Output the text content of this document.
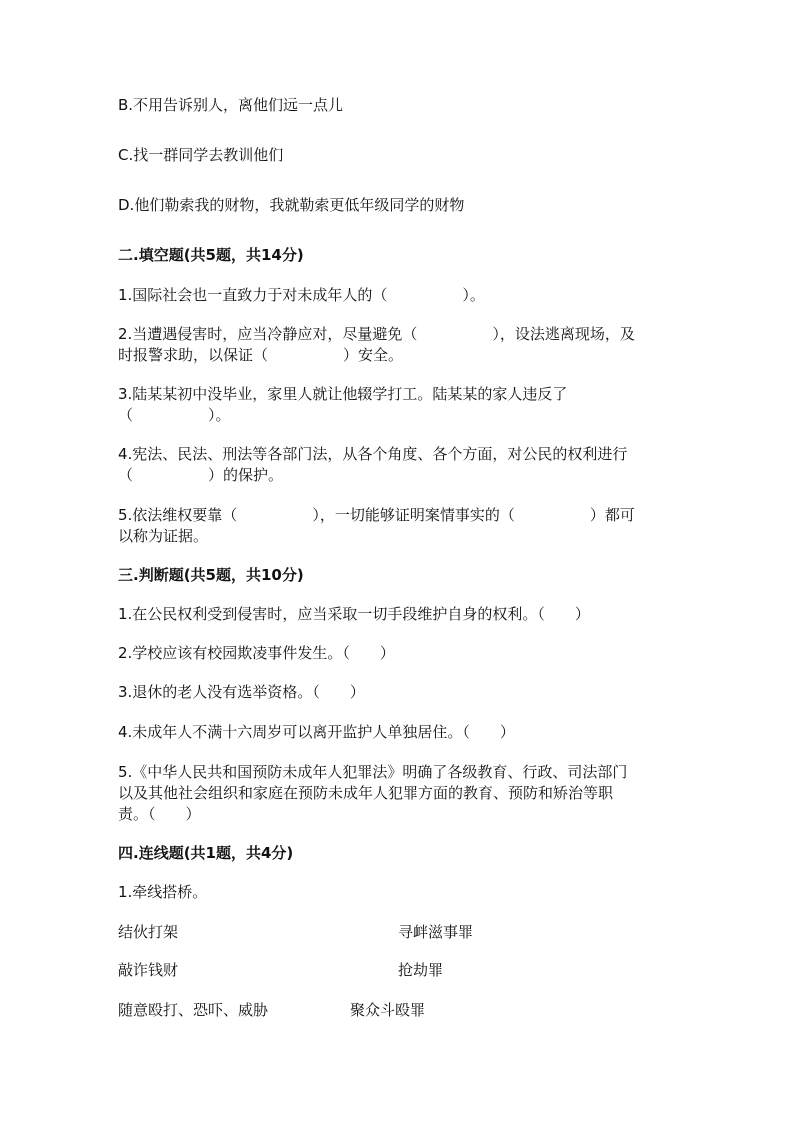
B.不用告诉别人，离他们远一点儿
C.找一群同学去教训他们
D.他们勒索我的财物，我就勒索更低年级同学的财物
二.填空题(共5题，共14分)
1.国际社会也一直致力于对未成年人的（　　　　　）。
2.当遭遇侵害时，应当冷静应对，尽量避免（　　　　　），设法逃离现场，及
时报警求助，以保证（　　　　　）安全。
3.陆某某初中没毕业，家里人就让他辍学打工。陆某某的家人违反了
（　　　　　）。
4.宪法、民法、刑法等各部门法，从各个角度、各个方面，对公民的权利进行
（　　　　　）的保护。
5.依法维权要靠（　　　　　），一切能够证明案情事实的（　　　　　）都可
以称为证据。
三.判断题(共5题，共10分)
1.在公民权利受到侵害时，应当采取一切手段维护自身的权利。（　　）
2.学校应该有校园欺凌事件发生。（　　）
3.退休的老人没有选举资格。（　　）
4.未成年人不满十六周岁可以离开监护人单独居住。（　　）
5.《中华人民共和国预防未成年人犯罪法》明确了各级教育、行政、司法部门
以及其他社会组织和家庭在预防未成年人犯罪方面的教育、预防和矫治等职
责。（　　）
四.连线题(共1题，共4分)
1.牵线搭桥。
结伙打架	寻衅滋事罪
敲诈钱财	抢劫罪
随意殴打、恐吓、威胁	聚众斗殴罪
